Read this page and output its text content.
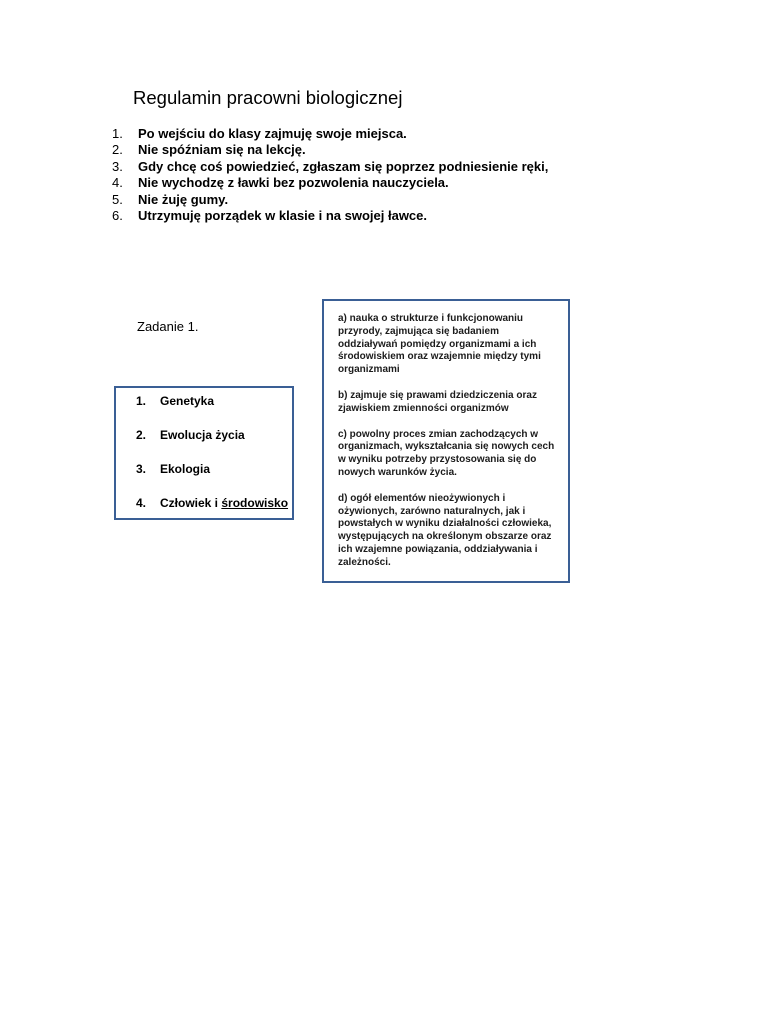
Regulamin pracowni biologicznej
1. Po wejściu do klasy zajmuję swoje miejsca.
2. Nie spóźniam się na lekcję.
3. Gdy chcę coś powiedzieć, zgłaszam się poprzez podniesienie ręki,
4. Nie wychodzę z ławki bez pozwolenia nauczyciela.
5. Nie żuję gumy.
6. Utrzymuję porządek w klasie i na swojej ławce.
Zadanie 1.
1. Genetyka
2. Ewolucja życia
3. Ekologia
4. Człowiek i środowisko

a) nauka o strukturze i funkcjonowaniu przyrody, zajmująca się badaniem oddziaływań pomiędzy organizmami a ich środowiskiem oraz wzajemnie między tymi organizmami

b) zajmuje się prawami dziedziczenia oraz zjawiskiem zmienności organizmów

c) powolny proces zmian zachodzących w organizmach, wykształcania się nowych cech w wyniku potrzeby przystosowania się do nowych warunków życia.

d) ogół elementów nieożywionych i ożywionych, zarówno naturalnych, jak i powstałych w wyniku działalności człowieka, występujących na określonym obszarze oraz ich wzajemne powiązania, oddziaływania i zależności.
